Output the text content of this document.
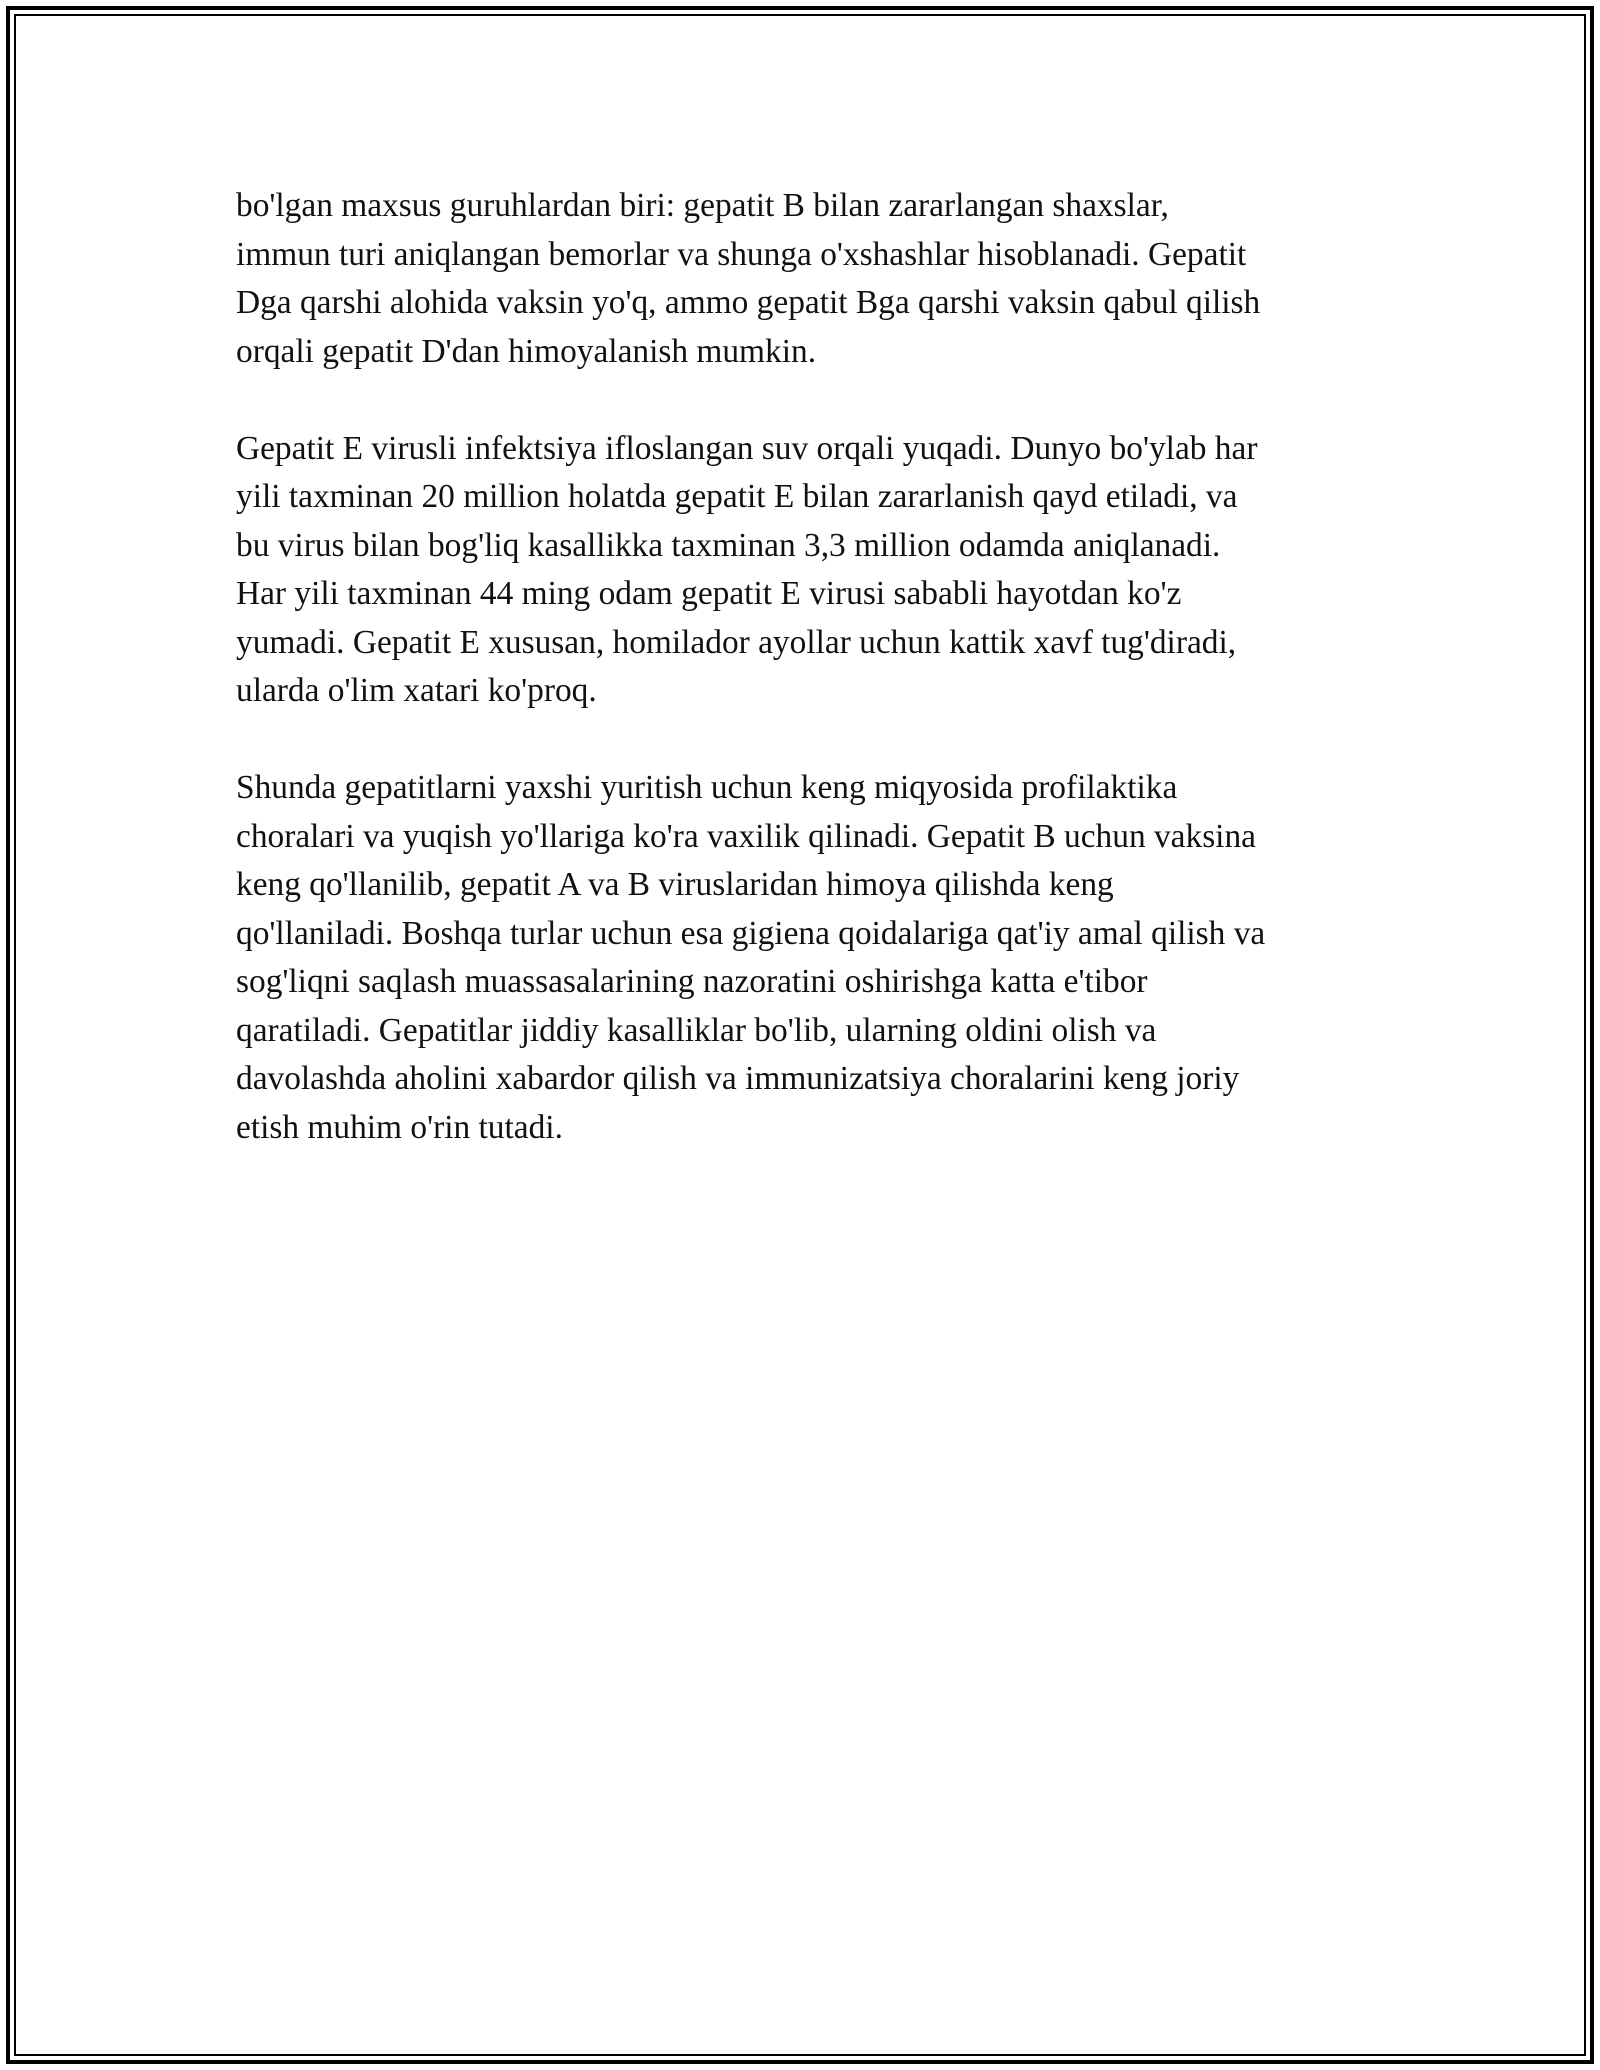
bo'lgan maxsus guruhlardan biri: gepatit B bilan zararlangan shaxslar,
immun turi aniqlangan bemorlar va shunga o'xshashlar hisoblanadi. Gepatit
Dga qarshi alohida vaksin yo'q, ammo gepatit Bga qarshi vaksin qabul qilish
orqali gepatit D'dan himoyalanish mumkin.

Gepatit E virusli infektsiya ifloslangan suv orqali yuqadi. Dunyo bo'ylab har
yili taxminan 20 million holatda gepatit E bilan zararlanish qayd etiladi, va
bu virus bilan bog'liq kasallikka taxminan 3,3 million odamda aniqlanadi.
Har yili taxminan 44 ming odam gepatit E virusi sababli hayotdan ko'z
yumadi. Gepatit E xususan, homilador ayollar uchun kattik xavf tug'diradi,
ularda o'lim xatari ko'proq.

Shunda gepatitlarni yaxshi yuritish uchun keng miqyosida profilaktika
choralari va yuqish yo'llariga ko'ra vaxilik qilinadi. Gepatit B uchun vaksina
keng qo'llanilib, gepatit A va B viruslaridan himoya qilishda keng
qo'llaniladi. Boshqa turlar uchun esa gigiena qoidalariga qat'iy amal qilish va
sog'liqni saqlash muassasalarining nazoratini oshirishga katta e'tibor
qaratiladi. Gepatitlar jiddiy kasalliklar bo'lib, ularning oldini olish va
davolashda aholini xabardor qilish va immunizatsiya choralarini keng joriy
etish muhim o'rin tutadi.
